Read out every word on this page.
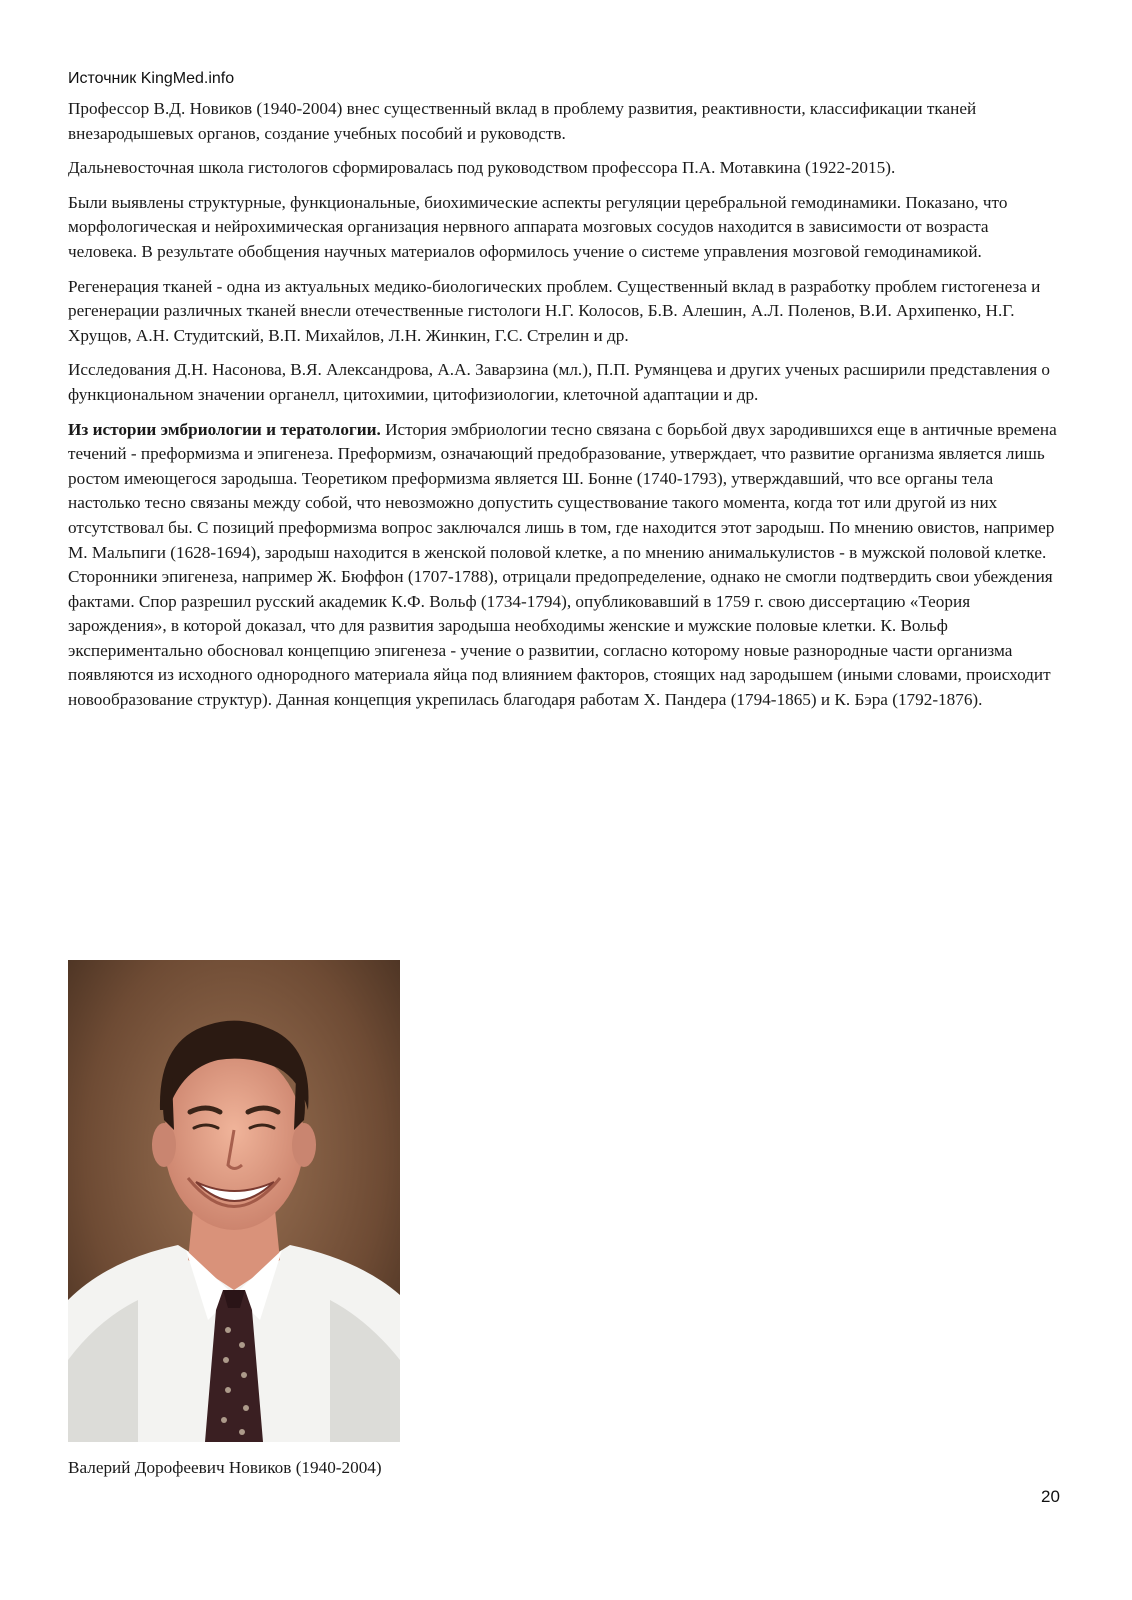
Источник KingMed.info

Профессор В.Д. Новиков (1940-2004) внес существенный вклад в проблему развития, реактивности, классификации тканей внезародышевых органов, создание учебных пособий и руководств.

Дальневосточная школа гистологов сформировалась под руководством профессора П.А. Мотавкина (1922-2015).

Были выявлены структурные, функциональные, биохимические аспекты регуляции церебральной гемодинамики. Показано, что морфологическая и нейрохимическая организация нервного аппарата мозговых сосудов находится в зависимости от возраста человека. В результате обобщения научных материалов оформилось учение о системе управления мозговой гемодинамикой.

Регенерация тканей - одна из актуальных медико-биологических проблем. Существенный вклад в разработку проблем гистогенеза и регенерации различных тканей внесли отечественные гистологи Н.Г. Колосов, Б.В. Алешин, А.Л. Поленов, В.И. Архипенко, Н.Г. Хрущов, А.Н. Студитский, В.П. Михайлов, Л.Н. Жинкин, Г.С. Стрелин и др.

Исследования Д.Н. Насонова, В.Я. Александрова, А.А. Заварзина (мл.), П.П. Румянцева и других ученых расширили представления о функциональном значении органелл, цитохимии, цитофизиологии, клеточной адаптации и др.

Из истории эмбриологии и тератологии. История эмбриологии тесно связана с борьбой двух зародившихся еще в античные времена течений - преформизма и эпигенеза. Преформизм, означающий предобразование, утверждает, что развитие организма является лишь ростом имеющегося зародыша. Теоретиком преформизма является Ш. Бонне (1740-1793), утверждавший, что все органы тела настолько тесно связаны между собой, что невозможно допустить существование такого момента, когда тот или другой из них отсутствовал бы. С позиций преформизма вопрос заключался лишь в том, где находится этот зародыш. По мнению овистов, например М. Мальпиги (1628-1694), зародыш находится в женской половой клетке, а по мнению анималькулистов - в мужской половой клетке. Сторонники эпигенеза, например Ж. Бюффон (1707-1788), отрицали предопределение, однако не смогли подтвердить свои убеждения фактами. Спор разрешил русский академик К.Ф. Вольф (1734-1794), опубликовавший в 1759 г. свою диссертацию «Теория зарождения», в которой доказал, что для развития зародыша необходимы женские и мужские половые клетки. К. Вольф экспериментально обосновал концепцию эпигенеза - учение о развитии, согласно которому новые разнородные части организма появляются из исходного однородного материала яйца под влиянием факторов, стоящих над зародышем (иными словами, происходит новообразование структур). Данная концепция укрепилась благодаря работам Х. Пандера (1794-1865) и К. Бэра (1792-1876).

Валерий Дорофеевич Новиков (1940-2004)
20
